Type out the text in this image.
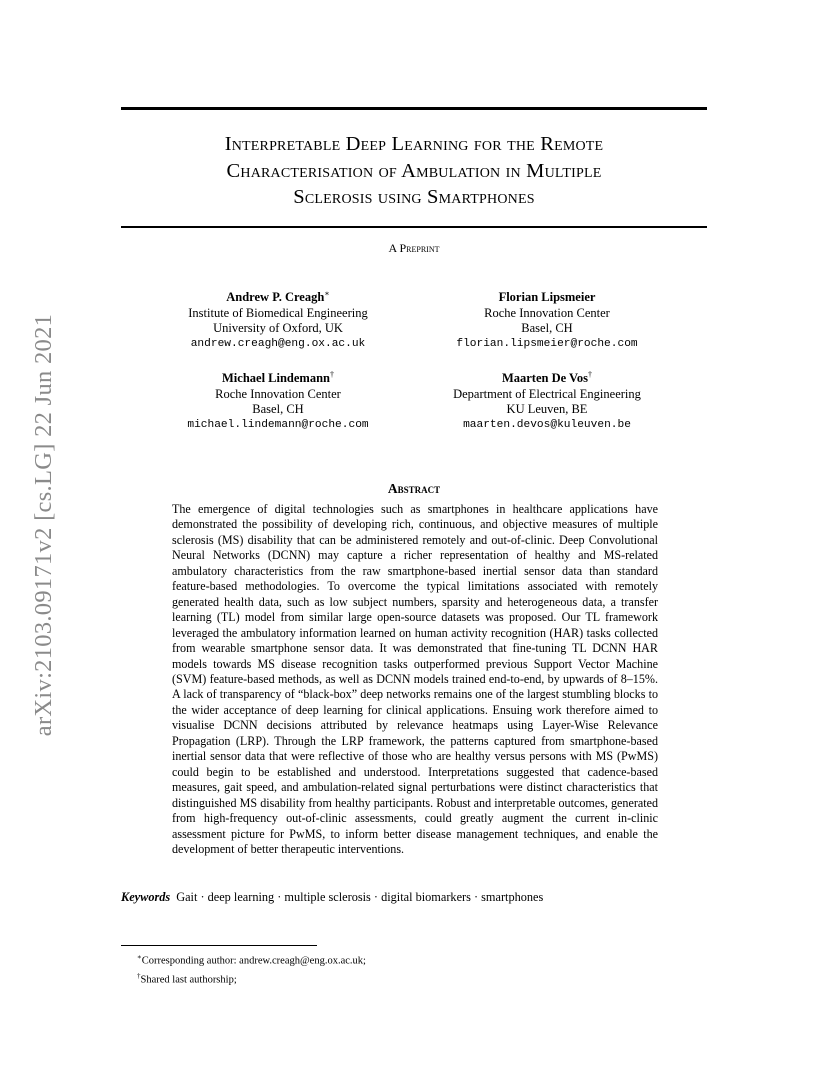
arXiv:2103.09171v2 [cs.LG] 22 Jun 2021
Interpretable Deep Learning for the Remote
Characterisation of Ambulation in Multiple
Sclerosis using Smartphones
A Preprint
Andrew P. Creagh∗
Institute of Biomedical Engineering
University of Oxford, UK
andrew.creagh@eng.ox.ac.uk
Florian Lipsmeier
Roche Innovation Center
Basel, CH
florian.lipsmeier@roche.com
Michael Lindemann†
Roche Innovation Center
Basel, CH
michael.lindemann@roche.com
Maarten De Vos†
Department of Electrical Engineering
KU Leuven, BE
maarten.devos@kuleuven.be
Abstract

The emergence of digital technologies such as smartphones in healthcare applications have demonstrated the possibility of developing rich, continuous, and objective measures of multiple sclerosis (MS) disability that can be administered remotely and out-of-clinic. Deep Convolutional Neural Networks (DCNN) may capture a richer representation of healthy and MS-related ambulatory characteristics from the raw smartphone-based inertial sensor data than standard feature-based methodologies. To overcome the typical limitations associated with remotely generated health data, such as low subject numbers, sparsity and heterogeneous data, a transfer learning (TL) model from similar large open-source datasets was proposed. Our TL framework leveraged the ambulatory information learned on human activity recognition (HAR) tasks collected from wearable smartphone sensor data. It was demonstrated that fine-tuning TL DCNN HAR models towards MS disease recognition tasks outperformed previous Support Vector Machine (SVM) feature-based methods, as well as DCNN models trained end-to-end, by upwards of 8–15%. A lack of transparency of “black-box” deep networks remains one of the largest stumbling blocks to the wider acceptance of deep learning for clinical applications. Ensuing work therefore aimed to visualise DCNN decisions attributed by relevance heatmaps using Layer-Wise Relevance Propagation (LRP). Through the LRP framework, the patterns captured from smartphone-based inertial sensor data that were reflective of those who are healthy versus persons with MS (PwMS) could begin to be established and understood. Interpretations suggested that cadence-based measures, gait speed, and ambulation-related signal perturbations were distinct characteristics that distinguished MS disability from healthy participants. Robust and interpretable outcomes, generated from high-frequency out-of-clinic assessments, could greatly augment the current in-clinic assessment picture for PwMS, to inform better disease management techniques, and enable the development of better therapeutic interventions.

Keywords Gait · deep learning · multiple sclerosis · digital biomarkers · smartphones
∗Corresponding author: andrew.creagh@eng.ox.ac.uk;
†Shared last authorship;
